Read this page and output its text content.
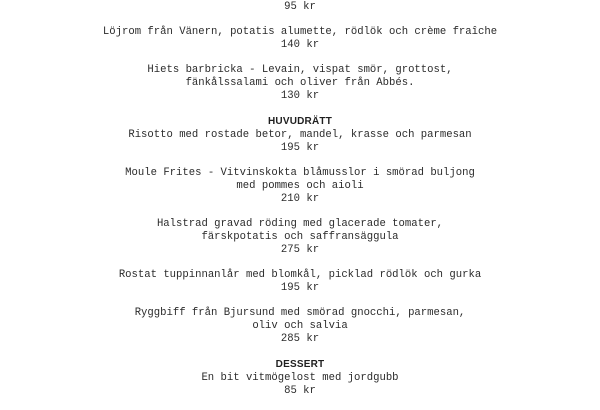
95 kr
Löjrom från Vänern, potatis alumette, rödlök och crème fraîche
140 kr
Hiets barbricka - Levain, vispat smör, grottost,
fänkålssalami och oliver från Abbés.
130 kr
HUVUDRÄTT
Risotto med rostade betor, mandel, krasse och parmesan
195 kr
Moule Frites - Vitvinskokta blåmusslor i smörad buljong
med pommes och aioli
210 kr
Halstrad gravad röding med glacerade tomater,
färskpotatis och saffransäggula
275 kr
Rostat tuppinnanlår med blomkål, picklad rödlök och gurka
195 kr
Ryggbiff från Bjursund med smörad gnocchi, parmesan,
oliv och salvia
285 kr
DESSERT
En bit vitmögelost med jordgubb
85 kr
